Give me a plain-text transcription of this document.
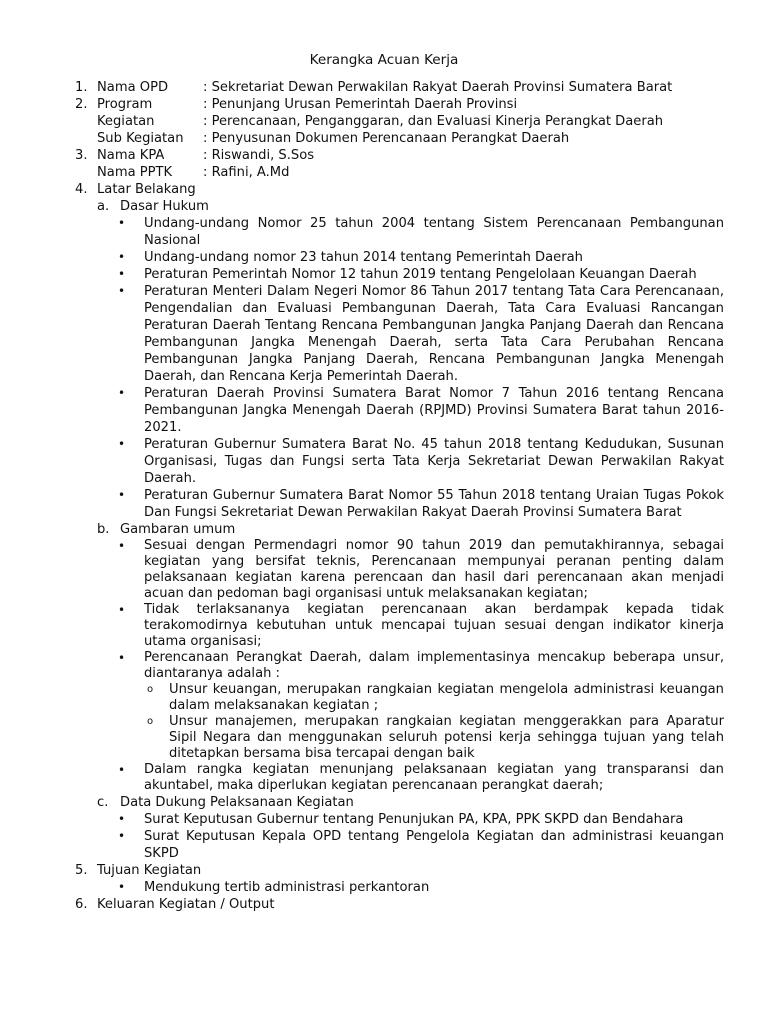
Kerangka Acuan Kerja
1. Nama OPD	: Sekretariat Dewan Perwakilan Rakyat Daerah Provinsi Sumatera Barat
2. Program	: Penunjang Urusan Pemerintah Daerah Provinsi
Kegiatan	: Perencanaan, Penganggaran, dan Evaluasi Kinerja Perangkat Daerah
Sub Kegiatan : Penyusunan Dokumen Perencanaan Perangkat Daerah
3. Nama KPA	: Riswandi, S.Sos
Nama PPTK : Rafini, A.Md
4. Latar Belakang
a. Dasar Hukum
• Undang-undang Nomor 25 tahun 2004 tentang Sistem Perencanaan Pembangunan Nasional
• Undang-undang nomor 23 tahun 2014 tentang Pemerintah Daerah
• Peraturan Pemerintah Nomor 12 tahun 2019 tentang Pengelolaan Keuangan Daerah
• Peraturan Menteri Dalam Negeri Nomor 86 Tahun 2017 tentang Tata Cara Perencanaan, Pengendalian dan Evaluasi Pembangunan Daerah, Tata Cara Evaluasi Rancangan Peraturan Daerah Tentang Rencana Pembangunan Jangka Panjang Daerah dan Rencana Pembangunan Jangka Menengah Daerah, serta Tata Cara Perubahan Rencana Pembangunan Jangka Panjang Daerah, Rencana Pembangunan Jangka Menengah Daerah, dan Rencana Kerja Pemerintah Daerah.
• Peraturan Daerah Provinsi Sumatera Barat Nomor 7 Tahun 2016 tentang Rencana Pembangunan Jangka Menengah Daerah (RPJMD) Provinsi Sumatera Barat tahun 2016-2021.
• Peraturan Gubernur Sumatera Barat No. 45 tahun 2018 tentang Kedudukan, Susunan Organisasi, Tugas dan Fungsi serta Tata Kerja Sekretariat Dewan Perwakilan Rakyat Daerah.
• Peraturan Gubernur Sumatera Barat Nomor 55 Tahun 2018 tentang Uraian Tugas Pokok Dan Fungsi Sekretariat Dewan Perwakilan Rakyat Daerah Provinsi Sumatera Barat
b. Gambaran umum
• Sesuai dengan Permendagri nomor 90 tahun 2019 dan pemutakhirannya, sebagai kegiatan yang bersifat teknis, Perencanaan mempunyai peranan penting dalam pelaksanaan kegiatan karena perencaan dan hasil dari perencanaan akan menjadi acuan dan pedoman bagi organisasi untuk melaksanakan kegiatan;
• Tidak terlaksananya kegiatan perencanaan akan berdampak kepada tidak terakomodirnya kebutuhan untuk mencapai tujuan sesuai dengan indikator kinerja utama organisasi;
• Perencanaan Perangkat Daerah, dalam implementasinya mencakup beberapa unsur, diantaranya adalah :
o Unsur keuangan, merupakan rangkaian kegiatan mengelola administrasi keuangan dalam melaksanakan kegiatan ;
o Unsur manajemen, merupakan rangkaian kegiatan menggerakkan para Aparatur Sipil Negara dan menggunakan seluruh potensi kerja sehingga tujuan yang telah ditetapkan bersama bisa tercapai dengan baik
• Dalam rangka kegiatan menunjang pelaksanaan kegiatan yang transparansi dan akuntabel, maka diperlukan kegiatan perencanaan perangkat daerah;
c. Data Dukung Pelaksanaan Kegiatan
• Surat Keputusan Gubernur tentang Penunjukan PA, KPA, PPK SKPD dan Bendahara
• Surat Keputusan Kepala OPD tentang Pengelola Kegiatan dan administrasi keuangan SKPD
5. Tujuan Kegiatan
• Mendukung tertib administrasi perkantoran
6. Keluaran Kegiatan / Output
